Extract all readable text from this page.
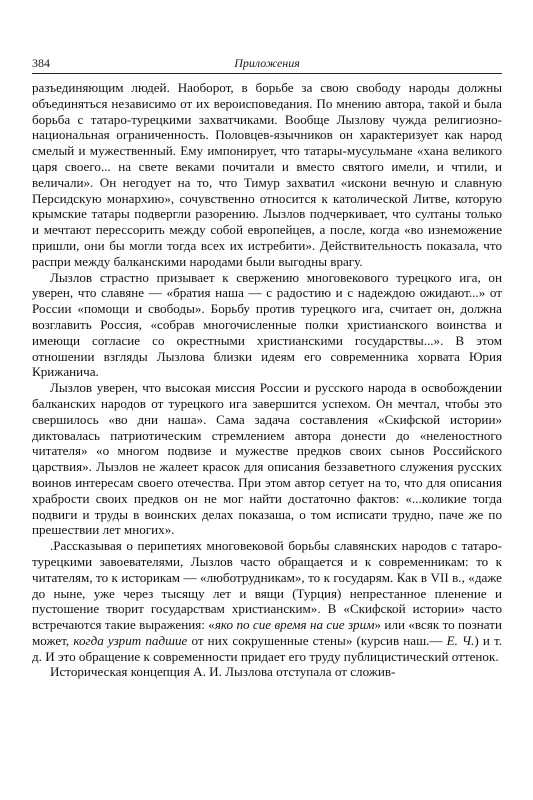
384	Приложения

разъединяющим людей. Наоборот, в борьбе за свою свободу народы должны объединяться независимо от их вероисповедания. По мнению автора, такой и была борьба с татаро-турецкими захватчиками. Вообще Лызлову чужда религиозно-национальная ограниченность. Половцев-язычников он характеризует как народ смелый и мужественный. Ему импонирует, что татары-мусульмане «хана великого царя своего... на свете веками почитали и вместо святого имели, и чтили, и величали». Он негодует на то, что Тимур захватил «искони вечную и славную Персидскую монархию», сочувственно относится к католической Литве, которую крымские татары подвергли разорению. Лызлов подчеркивает, что султаны только и мечтают перессорить между собой европейцев, а после, когда «во изнеможение пришли, они бы могли тогда всех их истребити». Действительность показала, что распри между балканскими народами были выгодны врагу.

Лызлов страстно призывает к свержению многовекового турецкого ига, он уверен, что славяне — «братия наша — с радостию и с надеждою ожидают...» от России «помощи и свободы». Борьбу против турецкого ига, считает он, должна возглавить Россия, «собрав многочисленные полки христианского воинства и имеющи согласие со окрестными христианскими государствы...». В этом отношении взгляды Лызлова близки идеям его современника хорвата Юрия Крижанича.

Лызлов уверен, что высокая миссия России и русского народа в освобождении балканских народов от турецкого ига завершится успехом. Он мечтал, чтобы это свершилось «во дни наша». Сама задача составления «Скифской истории» диктовалась патриотическим стремлением автора донести до «неленостного читателя» «о многом подвизе и мужестве предков своих сынов Российского царствия». Лызлов не жалеет красок для описания беззаветного служения русских воинов интересам своего отечества. При этом автор сетует на то, что для описания храбрости своих предков он не мог найти достаточно фактов: «...коликие тогда подвиги и труды в воинских делах показаша, о том исписати трудно, паче же по прешествии лет многих».

.Рассказывая о перипетиях многовековой борьбы славянских народов с татаро-турецкими завоевателями, Лызлов часто обращается и к современникам: то к читателям, то к историкам — «люботрудникам», то к государям. Как в VII в., «даже до ныне, уже через тысящу лет и вящи (Турция) непрестанное пленение и пустошение творит государствам христианским». В «Скифской истории» часто встречаются такие выражения: «яко по сие время на сие зрим» или «всяк то познати может, когда узрит падшие от них сокрушенные стены» (курсив наш.— Е. Ч.) и т. д. И это обращение к современности придает его труду публицистический оттенок.

Историческая концепция А. И. Лызлова отступала от сложив-
